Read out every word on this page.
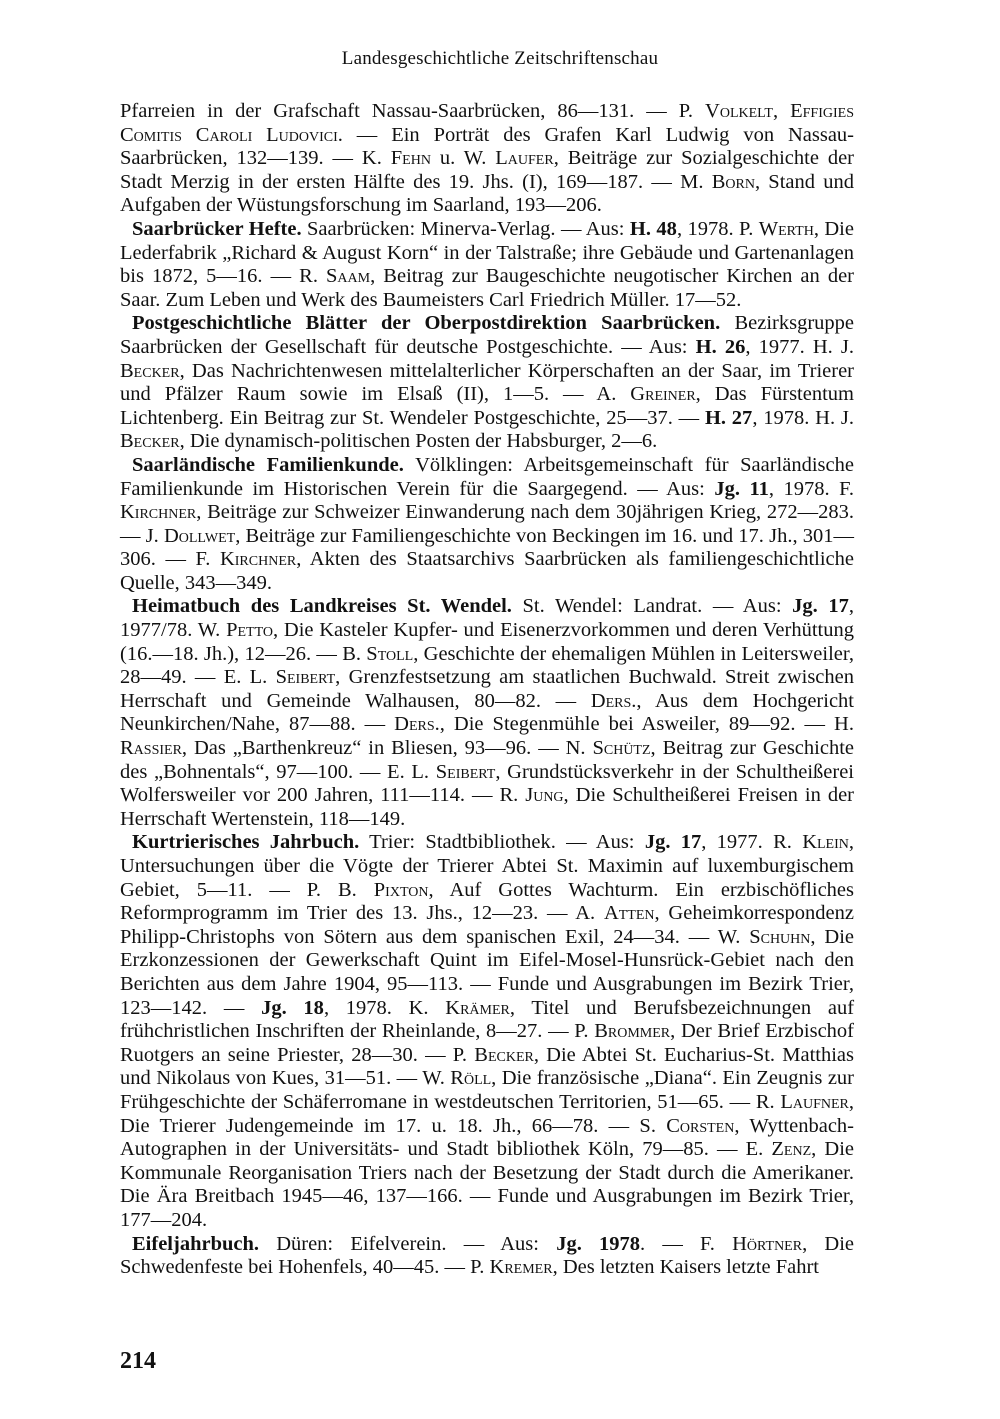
Landesgeschichtliche Zeitschriftenschau

Pfarreien in der Grafschaft Nassau-Saarbrücken, 86—131. — P. Volkelt, Effigies Comitis Caroli Ludovici. — Ein Porträt des Grafen Karl Ludwig von Nassau-Saarbrücken, 132—139. — K. Fehn u. W. Laufer, Beiträge zur Sozialgeschichte der Stadt Merzig in der ersten Hälfte des 19. Jhs. (I), 169—187. — M. Born, Stand und Aufgaben der Wüstungsforschung im Saarland, 193—206.

Saarbrücker Hefte. Saarbrücken: Minerva-Verlag. — Aus: H. 48, 1978. P. Werth, Die Lederfabrik „Richard & August Korn“ in der Talstraße; ihre Gebäude und Gartenanlagen bis 1872, 5—16. — R. Saam, Beitrag zur Baugeschichte neugotischer Kirchen an der Saar. Zum Leben und Werk des Baumeisters Carl Friedrich Müller. 17—52.

Postgeschichtliche Blätter der Oberpostdirektion Saarbrücken. Bezirksgruppe Saarbrücken der Gesellschaft für deutsche Postgeschichte. — Aus: H. 26, 1977. H. J. Becker, Das Nachrichtenwesen mittelalterlicher Körperschaften an der Saar, im Trierer und Pfälzer Raum sowie im Elsaß (II), 1—5. — A. Greiner, Das Fürstentum Lichtenberg. Ein Beitrag zur St. Wendeler Postgeschichte, 25—37. — H. 27, 1978. H. J. Becker, Die dynamisch-politischen Posten der Habsburger, 2—6.

Saarländische Familienkunde. Völklingen: Arbeitsgemeinschaft für Saarländische Familienkunde im Historischen Verein für die Saargegend. — Aus: Jg. 11, 1978. F. Kirchner, Beiträge zur Schweizer Einwanderung nach dem 30jährigen Krieg, 272—283. — J. Dollwet, Beiträge zur Familiengeschichte von Beckingen im 16. und 17. Jh., 301—306. — F. Kirchner, Akten des Staatsarchivs Saarbrücken als familiengeschichtliche Quelle, 343—349.

Heimatbuch des Landkreises St. Wendel. St. Wendel: Landrat. — Aus: Jg. 17, 1977/78. W. Petto, Die Kasteler Kupfer- und Eisenerzvorkommen und deren Verhüttung (16.—18. Jh.), 12—26. — B. Stoll, Geschichte der ehemaligen Mühlen in Leitersweiler, 28—49. — E. L. Seibert, Grenzfestsetzung am staatlichen Buchwald. Streit zwischen Herrschaft und Gemeinde Walhausen, 80—82. — Ders., Aus dem Hochgericht Neunkirchen/Nahe, 87—88. — Ders., Die Stegenmühle bei Asweiler, 89—92. — H. Rassier, Das „Barthenkreuz“ in Bliesen, 93—96. — N. Schütz, Beitrag zur Geschichte des „Bohnentals“, 97—100. — E. L. Seibert, Grundstücksverkehr in der Schultheißerei Wolfersweiler vor 200 Jahren, 111—114. — R. Jung, Die Schultheißerei Freisen in der Herrschaft Wertenstein, 118—149.

Kurtrierisches Jahrbuch. Trier: Stadtbibliothek. — Aus: Jg. 17, 1977. R. Klein, Untersuchungen über die Vögte der Trierer Abtei St. Maximin auf luxemburgischem Gebiet, 5—11. — P. B. Pixton, Auf Gottes Wachturm. Ein erzbischöfliches Reformprogramm im Trier des 13. Jhs., 12—23. — A. Atten, Geheimkorrespondenz Philipp-Christophs von Sötern aus dem spanischen Exil, 24—34. — W. Schuhn, Die Erzkonzessionen der Gewerkschaft Quint im Eifel-Mosel-Hunsrück-Gebiet nach den Berichten aus dem Jahre 1904, 95—113. — Funde und Ausgrabungen im Bezirk Trier, 123—142. — Jg. 18, 1978. K. Krämer, Titel und Berufsbezeichnungen auf frühchristlichen Inschriften der Rheinlande, 8—27. — P. Brommer, Der Brief Erzbischof Ruotgers an seine Priester, 28—30. — P. Becker, Die Abtei St. Eucharius-St. Matthias und Nikolaus von Kues, 31—51. — W. Röll, Die französische „Diana“. Ein Zeugnis zur Frühgeschichte der Schäferromane in westdeutschen Territorien, 51—65. — R. Laufner, Die Trierer Judengemeinde im 17. u. 18. Jh., 66—78. — S. Corsten, Wyttenbach-Autographen in der Universitäts- und Stadt bibliothek Köln, 79—85. — E. Zenz, Die Kommunale Reorganisation Triers nach der Besetzung der Stadt durch die Amerikaner. Die Ära Breitbach 1945—46, 137—166. — Funde und Ausgrabungen im Bezirk Trier, 177—204.

Eifeljahrbuch. Düren: Eifelverein. — Aus: Jg. 1978. — F. Hörtner, Die Schwedenfeste bei Hohenfels, 40—45. — P. Kremer, Des letzten Kaisers letzte Fahrt

214
